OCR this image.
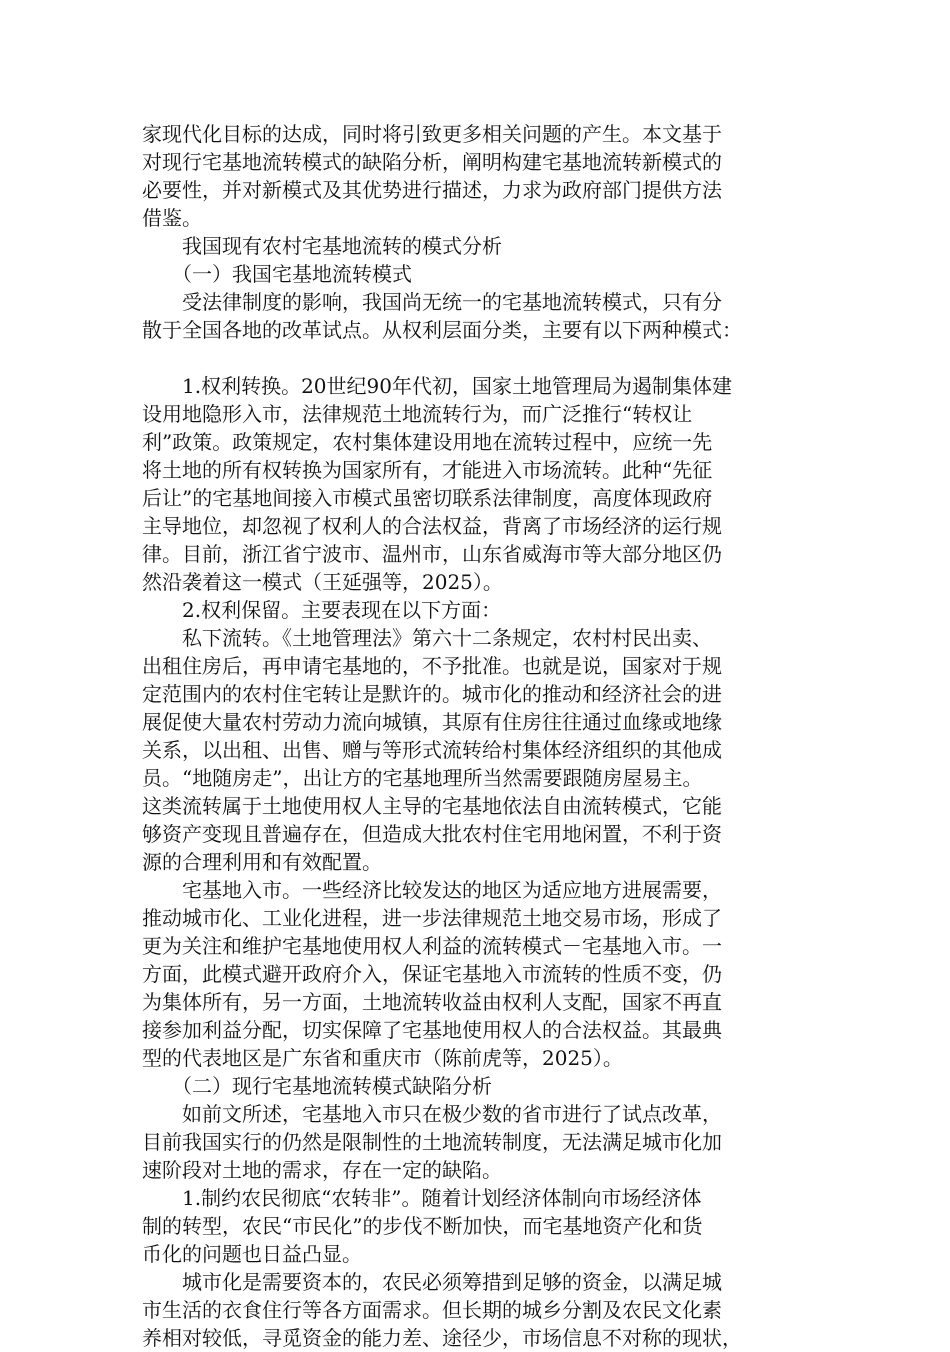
家现代化目标的达成，同时将引致更多相关问题的产生。本文基于
对现行宅基地流转模式的缺陷分析，阐明构建宅基地流转新模式的
必要性，并对新模式及其优势进行描述，力求为政府部门提供方法
借鉴。
　　我国现有农村宅基地流转的模式分析
　　（一）我国宅基地流转模式
　　受法律制度的影响，我国尚无统一的宅基地流转模式，只有分
散于全国各地的改革试点。从权利层面分类，主要有以下两种模式：
　　1.权利转换。20世纪90年代初，国家土地管理局为遏制集体建
设用地隐形入市，法律规范土地流转行为，而广泛推行“转权让
利”政策。政策规定，农村集体建设用地在流转过程中，应统一先
将土地的所有权转换为国家所有，才能进入市场流转。此种“先征
后让”的宅基地间接入市模式虽密切联系法律制度，高度体现政府
主导地位，却忽视了权利人的合法权益，背离了市场经济的运行规
律。目前，浙江省宁波市、温州市，山东省威海市等大部分地区仍
然沿袭着这一模式（王延强等，2025）。
　　2.权利保留。主要表现在以下方面：
　　私下流转。《土地管理法》第六十二条规定，农村村民出卖、
出租住房后，再申请宅基地的，不予批准。也就是说，国家对于规
定范围内的农村住宅转让是默许的。城市化的推动和经济社会的进
展促使大量农村劳动力流向城镇，其原有住房往往通过血缘或地缘
关系，以出租、出售、赠与等形式流转给村集体经济组织的其他成
员。“地随房走”，出让方的宅基地理所当然需要跟随房屋易主。
这类流转属于土地使用权人主导的宅基地依法自由流转模式，它能
够资产变现且普遍存在，但造成大批农村住宅用地闲置，不利于资
源的合理利用和有效配置。
　　宅基地入市。一些经济比较发达的地区为适应地方进展需要，
推动城市化、工业化进程，进一步法律规范土地交易市场，形成了
更为关注和维护宅基地使用权人利益的流转模式－宅基地入市。一
方面，此模式避开政府介入，保证宅基地入市流转的性质不变，仍
为集体所有，另一方面，土地流转收益由权利人支配，国家不再直
接参加利益分配，切实保障了宅基地使用权人的合法权益。其最典
型的代表地区是广东省和重庆市（陈前虎等，2025）。
　　（二）现行宅基地流转模式缺陷分析
　　如前文所述，宅基地入市只在极少数的省市进行了试点改革，
目前我国实行的仍然是限制性的土地流转制度，无法满足城市化加
速阶段对土地的需求，存在一定的缺陷。
　　1.制约农民彻底“农转非”。随着计划经济体制向市场经济体
制的转型，农民“市民化”的步伐不断加快，而宅基地资产化和货
币化的问题也日益凸显。
　　城市化是需要资本的，农民必须筹措到足够的资金，以满足城
市生活的衣食住行等各方面需求。但长期的城乡分割及农民文化素
养相对较低，寻觅资金的能力差、途径少，市场信息不对称的现状，
